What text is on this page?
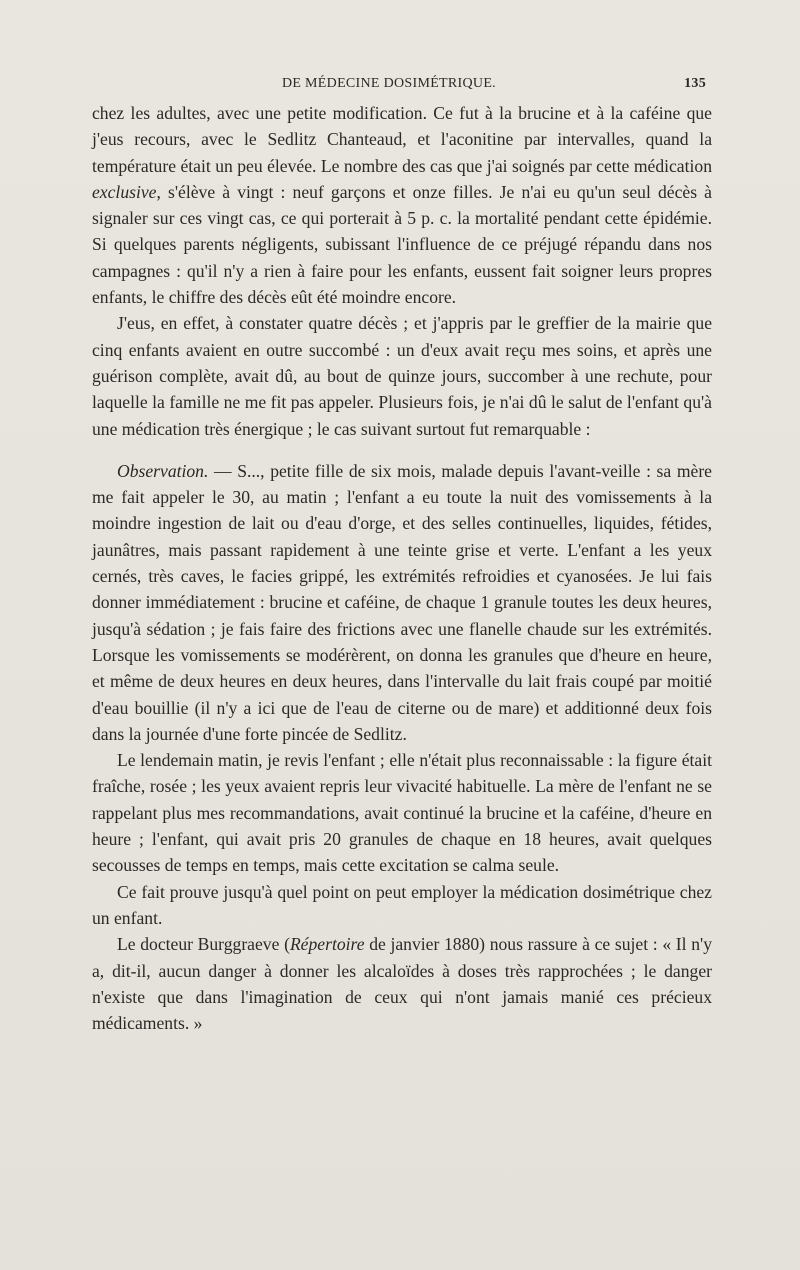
DE MÉDECINE DOSIMÉTRIQUE.	135

chez les adultes, avec une petite modification. Ce fut à la brucine et à la caféine que j'eus recours, avec le Sedlitz Chanteaud, et l'aconitine par intervalles, quand la température était un peu élevée. Le nombre des cas que j'ai soignés par cette médication exclusive, s'élève à vingt : neuf garçons et onze filles. Je n'ai eu qu'un seul décès à signaler sur ces vingt cas, ce qui porterait à 5 p. c. la mortalité pendant cette épidémie. Si quelques parents négligents, subissant l'influence de ce préjugé répandu dans nos campagnes : qu'il n'y a rien à faire pour les enfants, eussent fait soigner leurs propres enfants, le chiffre des décès eût été moindre encore.

J'eus, en effet, à constater quatre décès ; et j'appris par le greffier de la mairie que cinq enfants avaient en outre succombé : un d'eux avait reçu mes soins, et après une guérison complète, avait dû, au bout de quinze jours, succomber à une rechute, pour laquelle la famille ne me fit pas appeler. Plusieurs fois, je n'ai dû le salut de l'enfant qu'à une médication très énergique ; le cas suivant surtout fut remarquable :

Observation. — S..., petite fille de six mois, malade depuis l'avant-veille : sa mère me fait appeler le 30, au matin ; l'enfant a eu toute la nuit des vomissements à la moindre ingestion de lait ou d'eau d'orge, et des selles continuelles, liquides, fétides, jaunâtres, mais passant rapidement à une teinte grise et verte. L'enfant a les yeux cernés, très caves, le facies grippé, les extrémités refroidies et cyanosées. Je lui fais donner immédiatement : brucine et caféine, de chaque 1 granule toutes les deux heures, jusqu'à sédation ; je fais faire des frictions avec une flanelle chaude sur les extrémités. Lorsque les vomissements se modérèrent, on donna les granules que d'heure en heure, et même de deux heures en deux heures, dans l'intervalle du lait frais coupé par moitié d'eau bouillie (il n'y a ici que de l'eau de citerne ou de mare) et additionné deux fois dans la journée d'une forte pincée de Sedlitz.

Le lendemain matin, je revis l'enfant ; elle n'était plus reconnaissable : la figure était fraîche, rosée ; les yeux avaient repris leur vivacité habituelle. La mère de l'enfant ne se rappelant plus mes recommandations, avait continué la brucine et la caféine, d'heure en heure ; l'enfant, qui avait pris 20 granules de chaque en 18 heures, avait quelques secousses de temps en temps, mais cette excitation se calma seule.

Ce fait prouve jusqu'à quel point on peut employer la médication dosimétrique chez un enfant.

Le docteur Burggraeve (Répertoire de janvier 1880) nous rassure à ce sujet : « Il n'y a, dit-il, aucun danger à donner les alcaloïdes à doses très rapprochées ; le danger n'existe que dans l'imagination de ceux qui n'ont jamais manié ces précieux médicaments. »
